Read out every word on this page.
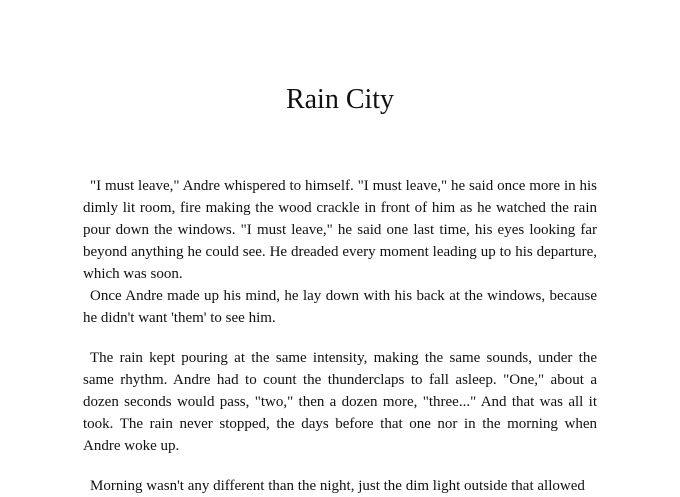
Rain City

"I must leave," Andre whispered to himself. "I must leave," he said once more in his dimly lit room, fire making the wood crackle in front of him as he watched the rain pour down the windows. "I must leave," he said one last time, his eyes looking far beyond anything he could see. He dreaded every moment leading up to his departure, which was soon.

Once Andre made up his mind, he lay down with his back at the windows, because he didn't want 'them' to see him.

The rain kept pouring at the same intensity, making the same sounds, under the same rhythm. Andre had to count the thunderclaps to fall asleep. "One," about a dozen seconds would pass, "two," then a dozen more, "three..." And that was all it took. The rain never stopped, the days before that one nor in the morning when Andre woke up.

Morning wasn't any different than the night, just the dim light outside that allowed
